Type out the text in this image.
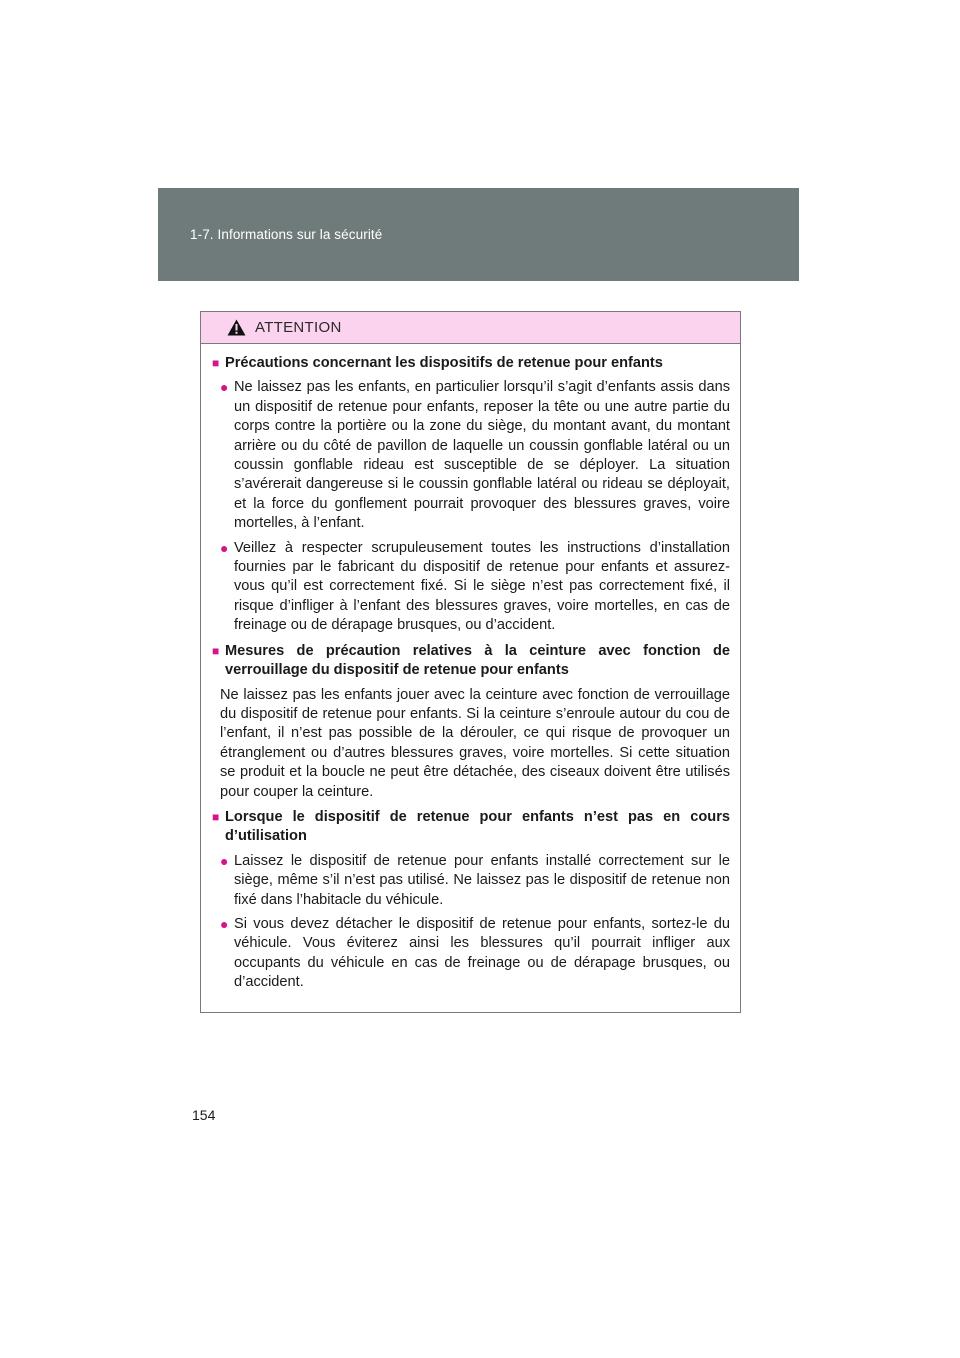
1-7. Informations sur la sécurité
ATTENTION
■ Précautions concernant les dispositifs de retenue pour enfants
● Ne laissez pas les enfants, en particulier lorsqu’il s’agit d’enfants assis dans un dispositif de retenue pour enfants, reposer la tête ou une autre partie du corps contre la portière ou la zone du siège, du montant avant, du montant arrière ou du côté de pavillon de laquelle un coussin gonflable latéral ou un coussin gonflable rideau est susceptible de se déployer. La situation s’avérerait dangereuse si le coussin gonflable latéral ou rideau se déployait, et la force du gonflement pourrait provoquer des blessures graves, voire mortelles, à l’enfant.
● Veillez à respecter scrupuleusement toutes les instructions d’installation fournies par le fabricant du dispositif de retenue pour enfants et assurez-vous qu’il est correctement fixé. Si le siège n’est pas correctement fixé, il risque d’infliger à l’enfant des blessures graves, voire mortelles, en cas de freinage ou de dérapage brusques, ou d’accident.
■ Mesures de précaution relatives à la ceinture avec fonction de verrouillage du dispositif de retenue pour enfants
Ne laissez pas les enfants jouer avec la ceinture avec fonction de verrouillage du dispositif de retenue pour enfants. Si la ceinture s’enroule autour du cou de l’enfant, il n’est pas possible de la dérouler, ce qui risque de provoquer un étranglement ou d’autres blessures graves, voire mortelles. Si cette situation se produit et la boucle ne peut être détachée, des ciseaux doivent être utilisés pour couper la ceinture.
■ Lorsque le dispositif de retenue pour enfants n’est pas en cours d’utilisation
● Laissez le dispositif de retenue pour enfants installé correctement sur le siège, même s’il n’est pas utilisé. Ne laissez pas le dispositif de retenue non fixé dans l’habitacle du véhicule.
● Si vous devez détacher le dispositif de retenue pour enfants, sortez-le du véhicule. Vous éviterez ainsi les blessures qu’il pourrait infliger aux occupants du véhicule en cas de freinage ou de dérapage brusques, ou d’accident.
154
